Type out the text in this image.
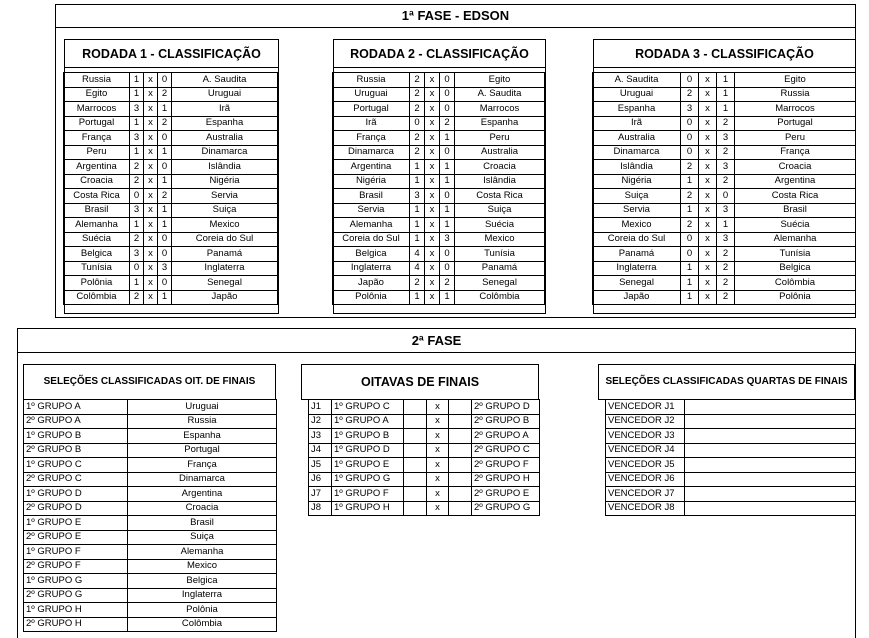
1ª FASE - EDSON
RODADA 1 - CLASSIFICAÇÃO	RODADA 2 - CLASSIFICAÇÃO	RODADA 3 - CLASSIFICAÇÃO
Russia	1	x	0	A. Saudita
Egito	1	x	2	Uruguai
Marrocos	3	x	1	Irã
Portugal	1	x	2	Espanha
França	3	x	0	Australia
Peru	1	x	1	Dinamarca
Argentina	2	x	0	Islândia
Croacia	2	x	1	Nigéria
Costa Rica	0	x	2	Servia
Brasil	3	x	1	Suiça
Alemanha	1	x	1	Mexico
Suécia	2	x	0	Coreia do Sul
Belgica	3	x	0	Panamá
Tunísia	0	x	3	Inglaterra
Polônia	1	x	0	Senegal
Colômbia	2	x	1	Japão
Russia	2	x	0	Egito
Uruguai	2	x	0	A. Saudita
Portugal	2	x	0	Marrocos
Irã	0	x	2	Espanha
França	2	x	1	Peru
Dinamarca	2	x	0	Australia
Argentina	1	x	1	Croacia
Nigéria	1	x	1	Islândia
Brasil	3	x	0	Costa Rica
Servia	1	x	1	Suiça
Alemanha	1	x	1	Suécia
Coreia do Sul	1	x	3	Mexico
Belgica	4	x	0	Tunísia
Inglaterra	4	x	0	Panamá
Japão	2	x	2	Senegal
Polônia	1	x	1	Colômbia
A. Saudita	0	x	1	Egito
Uruguai	2	x	1	Russia
Espanha	3	x	1	Marrocos
Irã	0	x	2	Portugal
Australia	0	x	3	Peru
Dinamarca	0	x	2	França
Islândia	2	x	3	Croacia
Nigéria	1	x	2	Argentina
Suiça	2	x	0	Costa Rica
Servia	1	x	3	Brasil
Mexico	2	x	1	Suécia
Coreia do Sul	0	x	3	Alemanha
Panamá	0	x	2	Tunísia
Inglaterra	1	x	2	Belgica
Senegal	1	x	2	Colômbia
Japão	1	x	2	Polônia
2ª FASE
SELEÇÕES CLASSIFICADAS OIT. DE FINAIS
1º GRUPO A	Uruguai
2º GRUPO A	Russia
1º GRUPO B	Espanha
2º GRUPO B	Portugal
1º GRUPO C	França
2º GRUPO C	Dinamarca
1º GRUPO D	Argentina
2º GRUPO D	Croacia
1º GRUPO E	Brasil
2º GRUPO E	Suiça
1º GRUPO F	Alemanha
2º GRUPO F	Mexico
1º GRUPO G	Belgica
2º GRUPO G	Inglaterra
1º GRUPO H	Polônia
2º GRUPO H	Colômbia
OITAVAS DE FINAIS
J1	1º GRUPO C		x		2º GRUPO D
J2	1º GRUPO A		x		2º GRUPO B
J3	1º GRUPO B		x		2º GRUPO A
J4	1º GRUPO D		x		2º GRUPO C
J5	1º GRUPO E		x		2º GRUPO F
J6	1º GRUPO G		x		2º GRUPO H
J7	1º GRUPO F		x		2º GRUPO E
J8	1º GRUPO H		x		2º GRUPO G
SELEÇÕES CLASSIFICADAS QUARTAS DE FINAIS
VENCEDOR J1	
VENCEDOR J2	
VENCEDOR J3	
VENCEDOR J4	
VENCEDOR J5	
VENCEDOR J6	
VENCEDOR J7	
VENCEDOR J8	
